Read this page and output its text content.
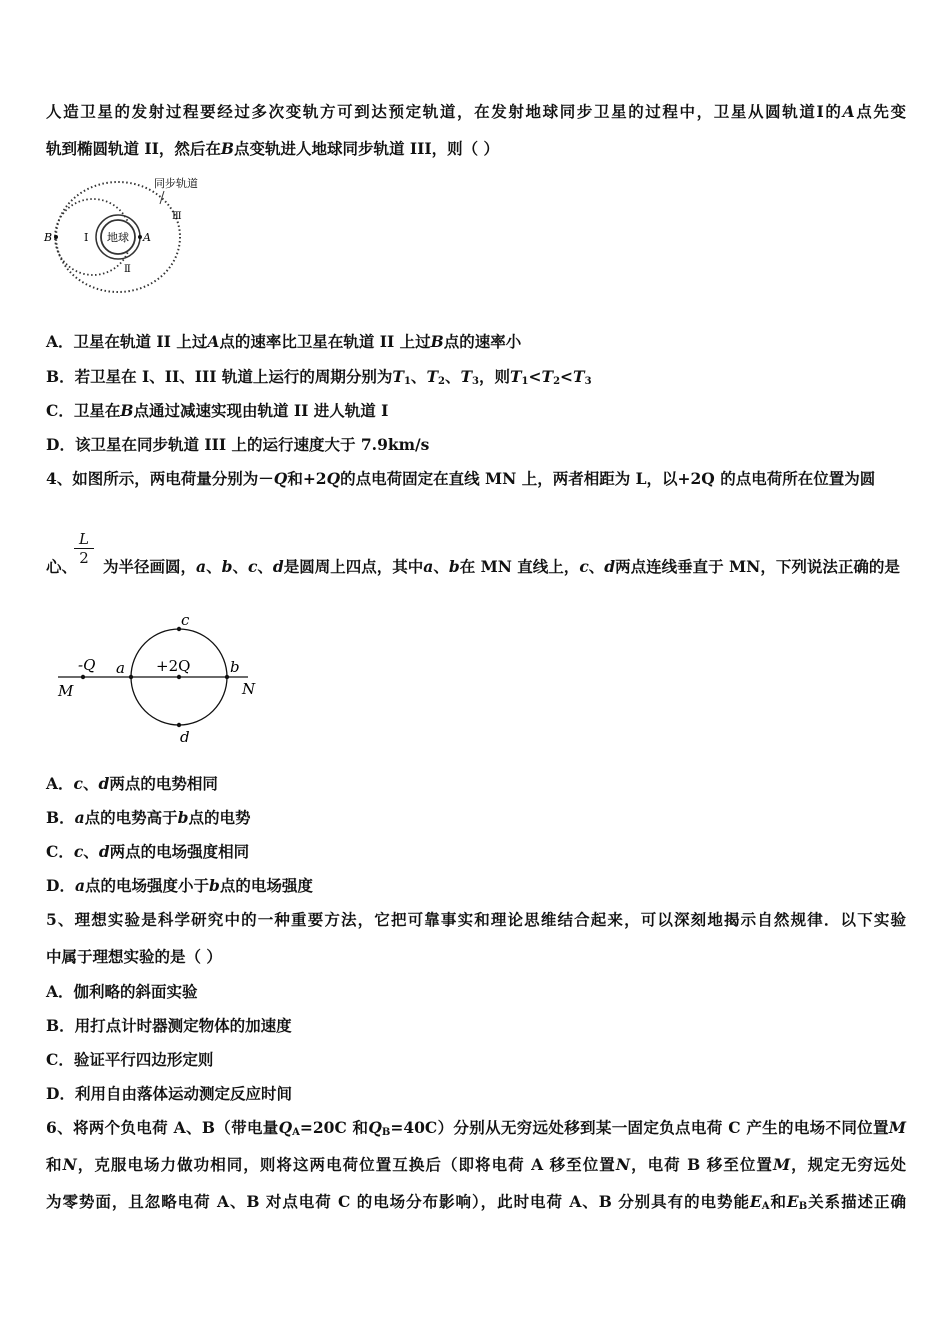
人造卫星的发射过程要经过多次变轨方可到达预定轨道，在发射地球同步卫星的过程中，卫星从圆轨道I的A点先变
轨到椭圆轨道 II，然后在B点变轨进人地球同步轨道 III，则（ ）
地球 A
B	Ⅰ
Ⅱ
Ⅲ
同步轨道
A．卫星在轨道 II 上过A点的速率比卫星在轨道 II 上过B点的速率小
B．若卫星在 I、II、III 轨道上运行的周期分别为$T_1$、$T_2$、$T_3$，则$T_1<T_2<T_3$
C．卫星在B点通过减速实现由轨道 II 进人轨道 I
D．该卫星在同步轨道 III 上的运行速度大于 7.9km/s
4、如图所示，两电荷量分别为－Q和+2Q的点电荷固定在直线 MN 上，两者相距为 L，以+2Q 的点电荷所在位置为圆
$\frac{L}{2}$
心、 为半径画圆，a、b、c、d是圆周上四点，其中a、b在 MN 直线上，c、d两点连线垂直于 MN，下列说法正确的是
-Q	+2Q
a	b
c
d
M	N
A．c、d两点的电势相同
B．a点的电势高于b点的电势
C．c、d两点的电场强度相同
D．a点的电场强度小于b点的电场强度
5、理想实验是科学研究中的一种重要方法，它把可靠事实和理论思维结合起来，可以深刻地揭示自然规律．以下实验
中属于理想实验的是（ ）
A．伽利略的斜面实验
B．用打点计时器测定物体的加速度
C．验证平行四边形定则
D．利用自由落体运动测定反应时间
6、将两个负电荷 A、B（带电量$Q_A=20C$ 和$Q_B=40C$）分别从无穷远处移到某一固定负点电荷 C 产生的电场不同位置M
和N，克服电场力做功相同，则将这两电荷位置互换后（即将电荷 A 移至位置N，电荷 B 移至位置M，规定无穷远处
为零势面，且忽略电荷 A、B 对点电荷 C 的电场分布影响），此时电荷 A、B 分别具有的电势能$E_A$和$E_B$关系描述正确
